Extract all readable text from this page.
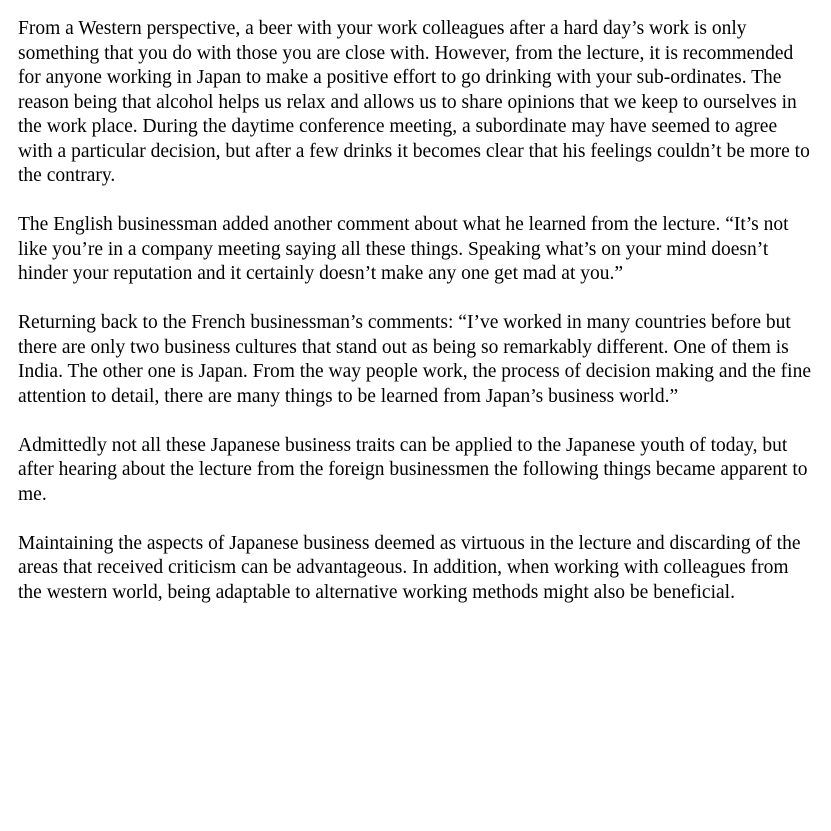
From a Western perspective, a beer with your work colleagues after a hard day’s work is only something that you do with those you are close with. However, from the lecture, it is recommended for anyone working in Japan to make a positive effort to go drinking with your sub-ordinates. The reason being that alcohol helps us relax and allows us to share opinions that we keep to ourselves in the work place. During the daytime conference meeting, a subordinate may have seemed to agree with a particular decision, but after a few drinks it becomes clear that his feelings couldn’t be more to the contrary.

The English businessman added another comment about what he learned from the lecture. “It’s not like you’re in a company meeting saying all these things. Speaking what’s on your mind doesn’t hinder your reputation and it certainly doesn’t make any one get mad at you.”

Returning back to the French businessman’s comments: “I’ve worked in many countries before but there are only two business cultures that stand out as being so remarkably different. One of them is India. The other one is Japan. From the way people work, the process of decision making and the fine attention to detail, there are many things to be learned from Japan’s business world.”

Admittedly not all these Japanese business traits can be applied to the Japanese youth of today, but after hearing about the lecture from the foreign businessmen the following things became apparent to me.

Maintaining the aspects of Japanese business deemed as virtuous in the lecture and discarding of the areas that received criticism can be advantageous. In addition, when working with colleagues from the western world, being adaptable to alternative working methods might also be beneficial.
